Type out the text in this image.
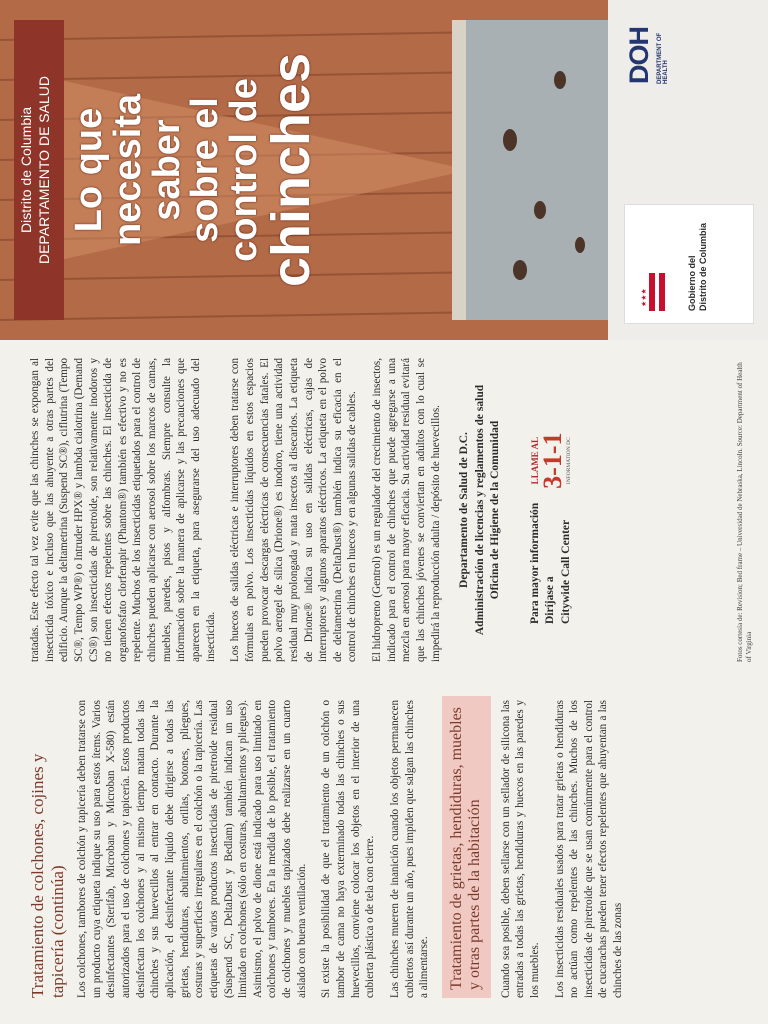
Tratamiento de colchones, cojines y tapicería (continúa) Los colchones, tambores de colchón y tapicería deben tratarse con un producto cuya etiqueta indique su uso para estos ítems. Varios desinfectantes (Sterifab, Microban y Microban X-580) están autorizados para el uso de colchones y tapicería. Estos productos desinfectan los colchones y al mismo tiempo matan todas las chinches y sus huevecillos al entrar en contacto. Durante la aplicación, el desinfectante líquido debe dirigirse a todas las grietas, hendiduras, abultamientos, orillas, botones, pliegues, costuras y superficies irregulares en el colchón o la tapicería. Las etiquetas de varios productos insecticidas de piretroide residual (Suspend SC, DeltaDust y Bedlam) también indican un uso limitado en colchones (sólo en costuras, abultamientos y pliegues). Asimismo, el polvo de dione está indicado para uso limitado en colchones y tambores. En la medida de lo posible, el tratamiento de colchones y muebles tapizados debe realizarse en un cuarto aislado con buena ventilación. Si existe la posibilidad de que el tratamiento de un colchón o tambor de cama no haya exterminado todas las chinches o sus huevecillos, conviene colocar los objetos en el interior de una cubierta plástica o de tela con cierre. Las chinches mueren de inanición cuando los objetos permanecen cubiertos así durante un año, pues impiden que salgan las chinches a alimentarse. Tratamiento de grietas, hendiduras, muebles y otras partes de la habitación Cuando sea posible, deben sellarse con un sellador de silicona las entradas a todas las grietas, hendiduras y huecos en las paredes y los muebles. Los insecticidas residuales usados para tratar grietas o hendiduras no actúan como repelentes de las chinches. Muchos de los insecticidas de piretroide que se usan comúnmente para el control de cucarachas pueden tener efectos repelentes que ahuyentan a las chinches de las zonas

tratadas. Este efecto tal vez evite que las chinches se expongan al insecticida tóxico e incluso que las ahuyente a otras partes del edificio. Aunque la deltametrina (Suspend SC®), ciflutrina (Tempo SC®, Tempo WP®) o Intruder HPX® y lambda cialotrina (Demand CS®) son insecticidas de piretroide, son relativamente inodoros y no tienen efectos repelentes sobre las chinches. El insecticida de organofosfato clorfenapir (Phantom®) también es efectivo y no es repelente. Muchos de los insecticidas etiquetados para el control de chinches pueden aplicarse con aerosol sobre los marcos de camas, muebles, paredes, pisos y alfombras. Siempre consulte la información sobre la manera de aplicarse y las precauciones que aparecen en la etiqueta, para asegurarse del uso adecuado del insecticida. Los huecos de salidas eléctricas e interruptores deben tratarse con fórmulas en polvo. Los insecticidas líquidos en estos espacios pueden provocar descargas eléctricas de consecuencias fatales. El polvo aerogel de sílica (Drione®) es inodoro, tiene una actividad residual muy prolongada y mata insectos al disecarlos. La etiqueta de Drione® indica su uso en salidas eléctricas, cajas de interruptores y algunos aparatos eléctricos. La etiqueta en el polvo de deltametrina (DeltaDust®) también indica su eficacia en el control de chinches en huecos y en algunas salidas de cables. El hidropreno (Gentrol) es un regulador del crecimiento de insectos, indicado para el control de chinches que puede agregarse a una mezcla en aerosol para mayor eficacia. Su actividad residual evitará que las chinches jóvenes se conviertan en adultos con lo cual se impedirá la reproducción adulta / depósito de huevecillos. Departamento de Salud de D.C. Administración de licencias y reglamentos de salud Oficina de Higiene de la Comunidad Para mayor información Diríjase a Citywide Call Center
LLAME AL
3-1-1 INFORMATION DC	Fotos cortesía de: Revision; Bed frame – Universidad de Nebraska, Lincoln. Source: Department of Health of Virginia
Distrito de Columbia DEPARTAMENTO DE SALUD Lo que
necesita
saber
sobre el
control de
chinches
★★★	Gobierno del Distrito de Columbia
DOH DEPARTMENT OF HEALTH
